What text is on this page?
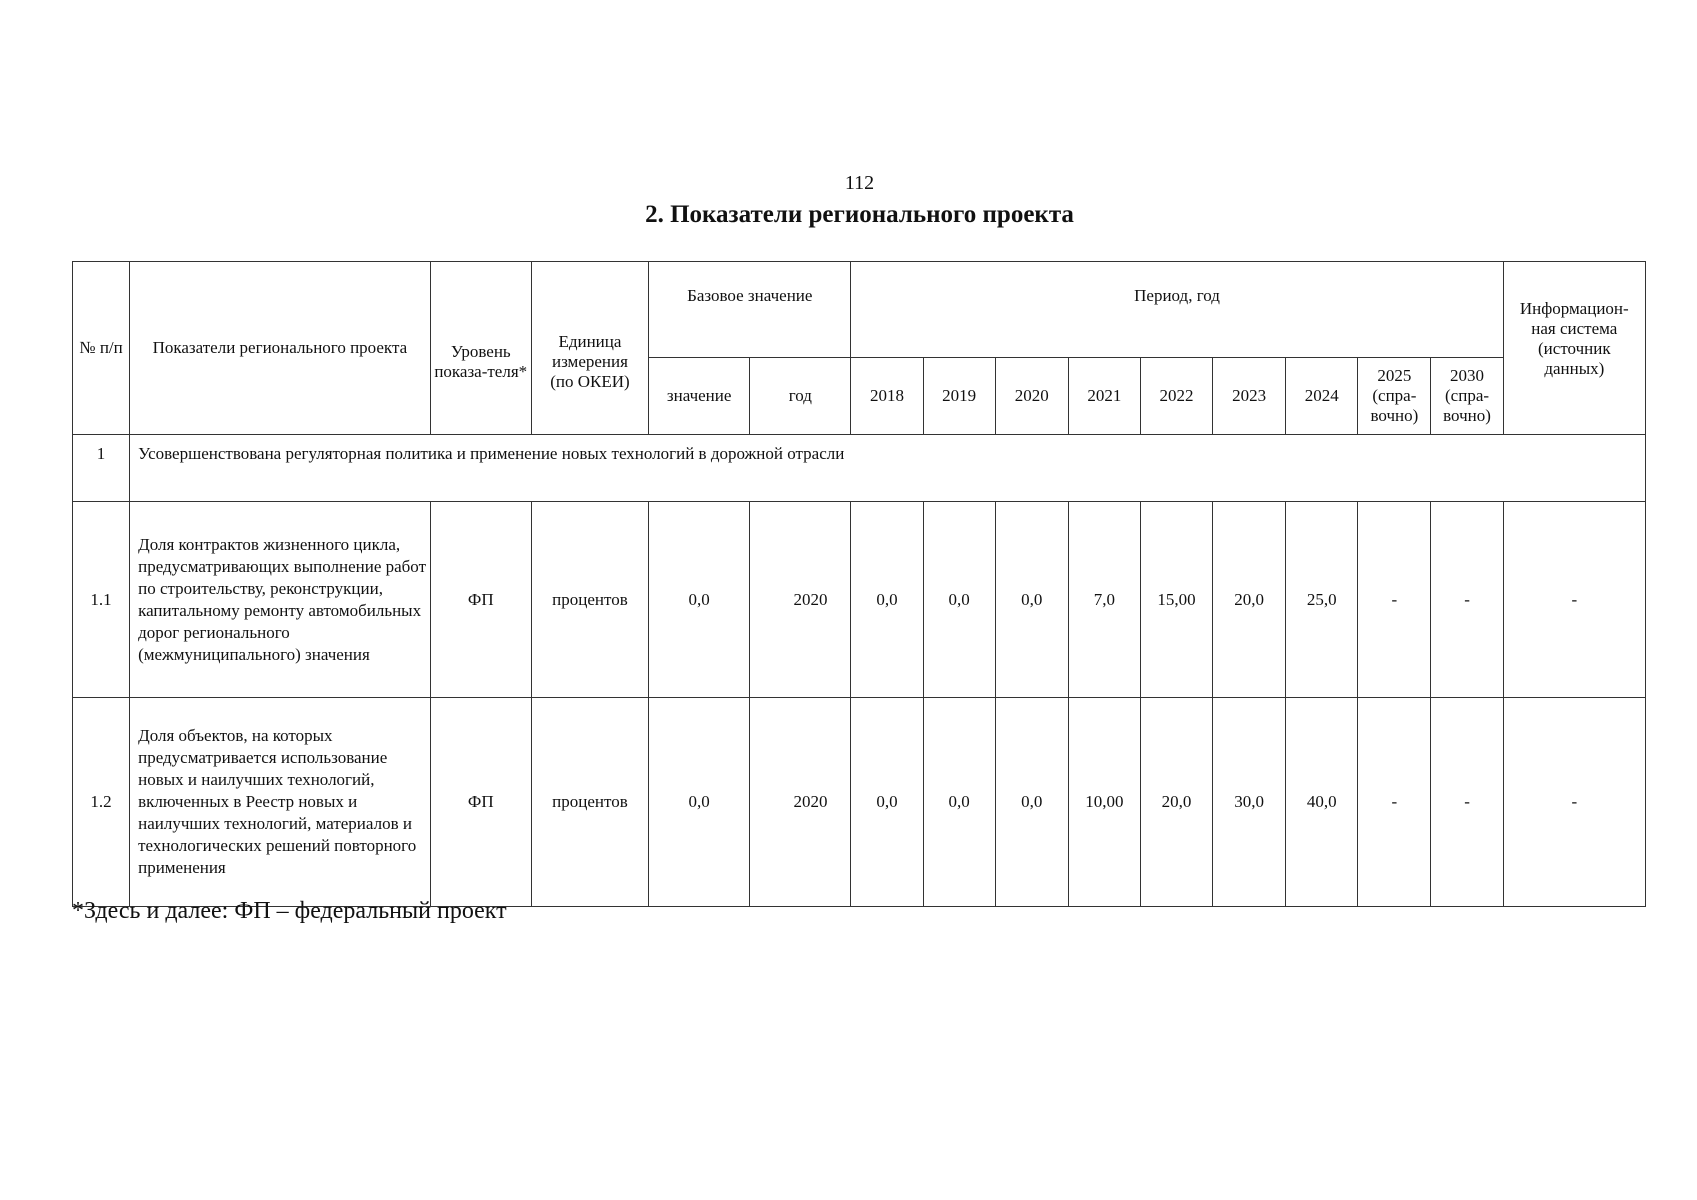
112
2. Показатели регионального проекта
№ п/п	Показатели регионального проекта	Уровень показа-теля*	Единица измерения (по ОКЕИ)	Базовое значение		Период, год									Информацион-ная система (источник данных)
				значение	год	2018	2019	2020	2021	2022	2023	2024	2025 (спра-вочно)	2030 (спра-вочно)	
1	Усовершенствована регуляторная политика и применение новых технологий в дорожной отрасли														
1.1	Доля контрактов жизненного цикла, предусматривающих выполнение работ по строительству, реконструкции, капитальному ремонту автомобильных дорог регионального (межмуниципального) значения	ФП	процентов	0,0	2020	0,0	0,0	0,0	7,0	15,00	20,0	25,0	-	-	-
1.2	Доля объектов, на которых предусматривается использование новых и наилучших технологий, включенных в Реестр новых и наилучших технологий, материалов и технологических решений повторного применения	ФП	процентов	0,0	2020	0,0	0,0	0,0	10,00	20,0	30,0	40,0	-	-	-
*Здесь и далее: ФП – федеральный проект
